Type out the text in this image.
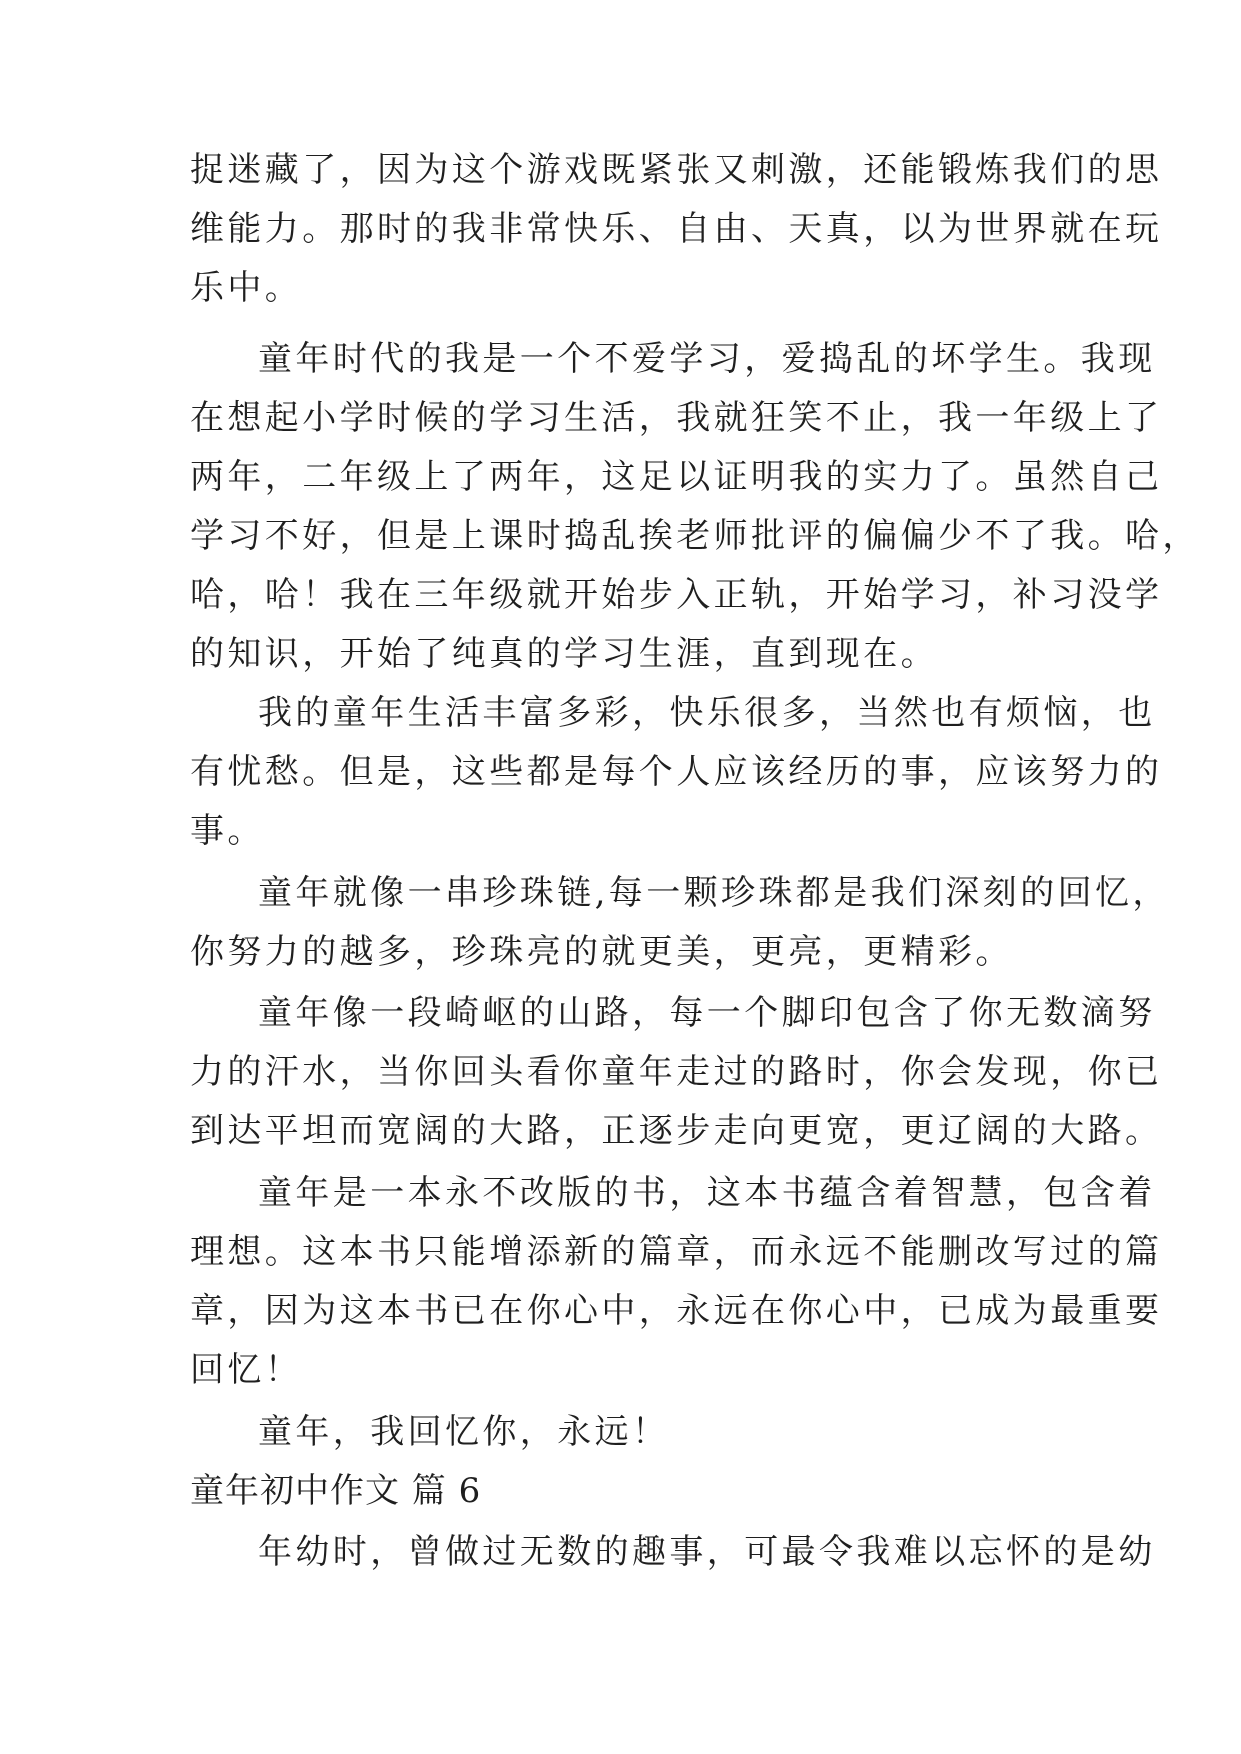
捉迷藏了，因为这个游戏既紧张又刺激，还能锻炼我们的思
维能力。那时的我非常快乐、自由、天真，以为世界就在玩
乐中。
童年时代的我是一个不爱学习，爱捣乱的坏学生。我现
在想起小学时候的学习生活，我就狂笑不止，我一年级上了
两年，二年级上了两年，这足以证明我的实力了。虽然自己
学习不好，但是上课时捣乱挨老师批评的偏偏少不了我。哈，
哈，哈！我在三年级就开始步入正轨，开始学习，补习没学
的知识，开始了纯真的学习生涯，直到现在。
我的童年生活丰富多彩，快乐很多，当然也有烦恼，也
有忧愁。但是，这些都是每个人应该经历的事，应该努力的
事。
童年就像一串珍珠链,每一颗珍珠都是我们深刻的回忆，
你努力的越多，珍珠亮的就更美，更亮，更精彩。
童年像一段崎岖的山路，每一个脚印包含了你无数滴努
力的汗水，当你回头看你童年走过的路时，你会发现，你已
到达平坦而宽阔的大路，正逐步走向更宽，更辽阔的大路。
童年是一本永不改版的书，这本书蕴含着智慧，包含着
理想。这本书只能增添新的篇章，而永远不能删改写过的篇
章，因为这本书已在你心中，永远在你心中，已成为最重要
回忆！
童年，我回忆你，永远！
童年初中作文 篇 6
年幼时，曾做过无数的趣事，可最令我难以忘怀的是幼
